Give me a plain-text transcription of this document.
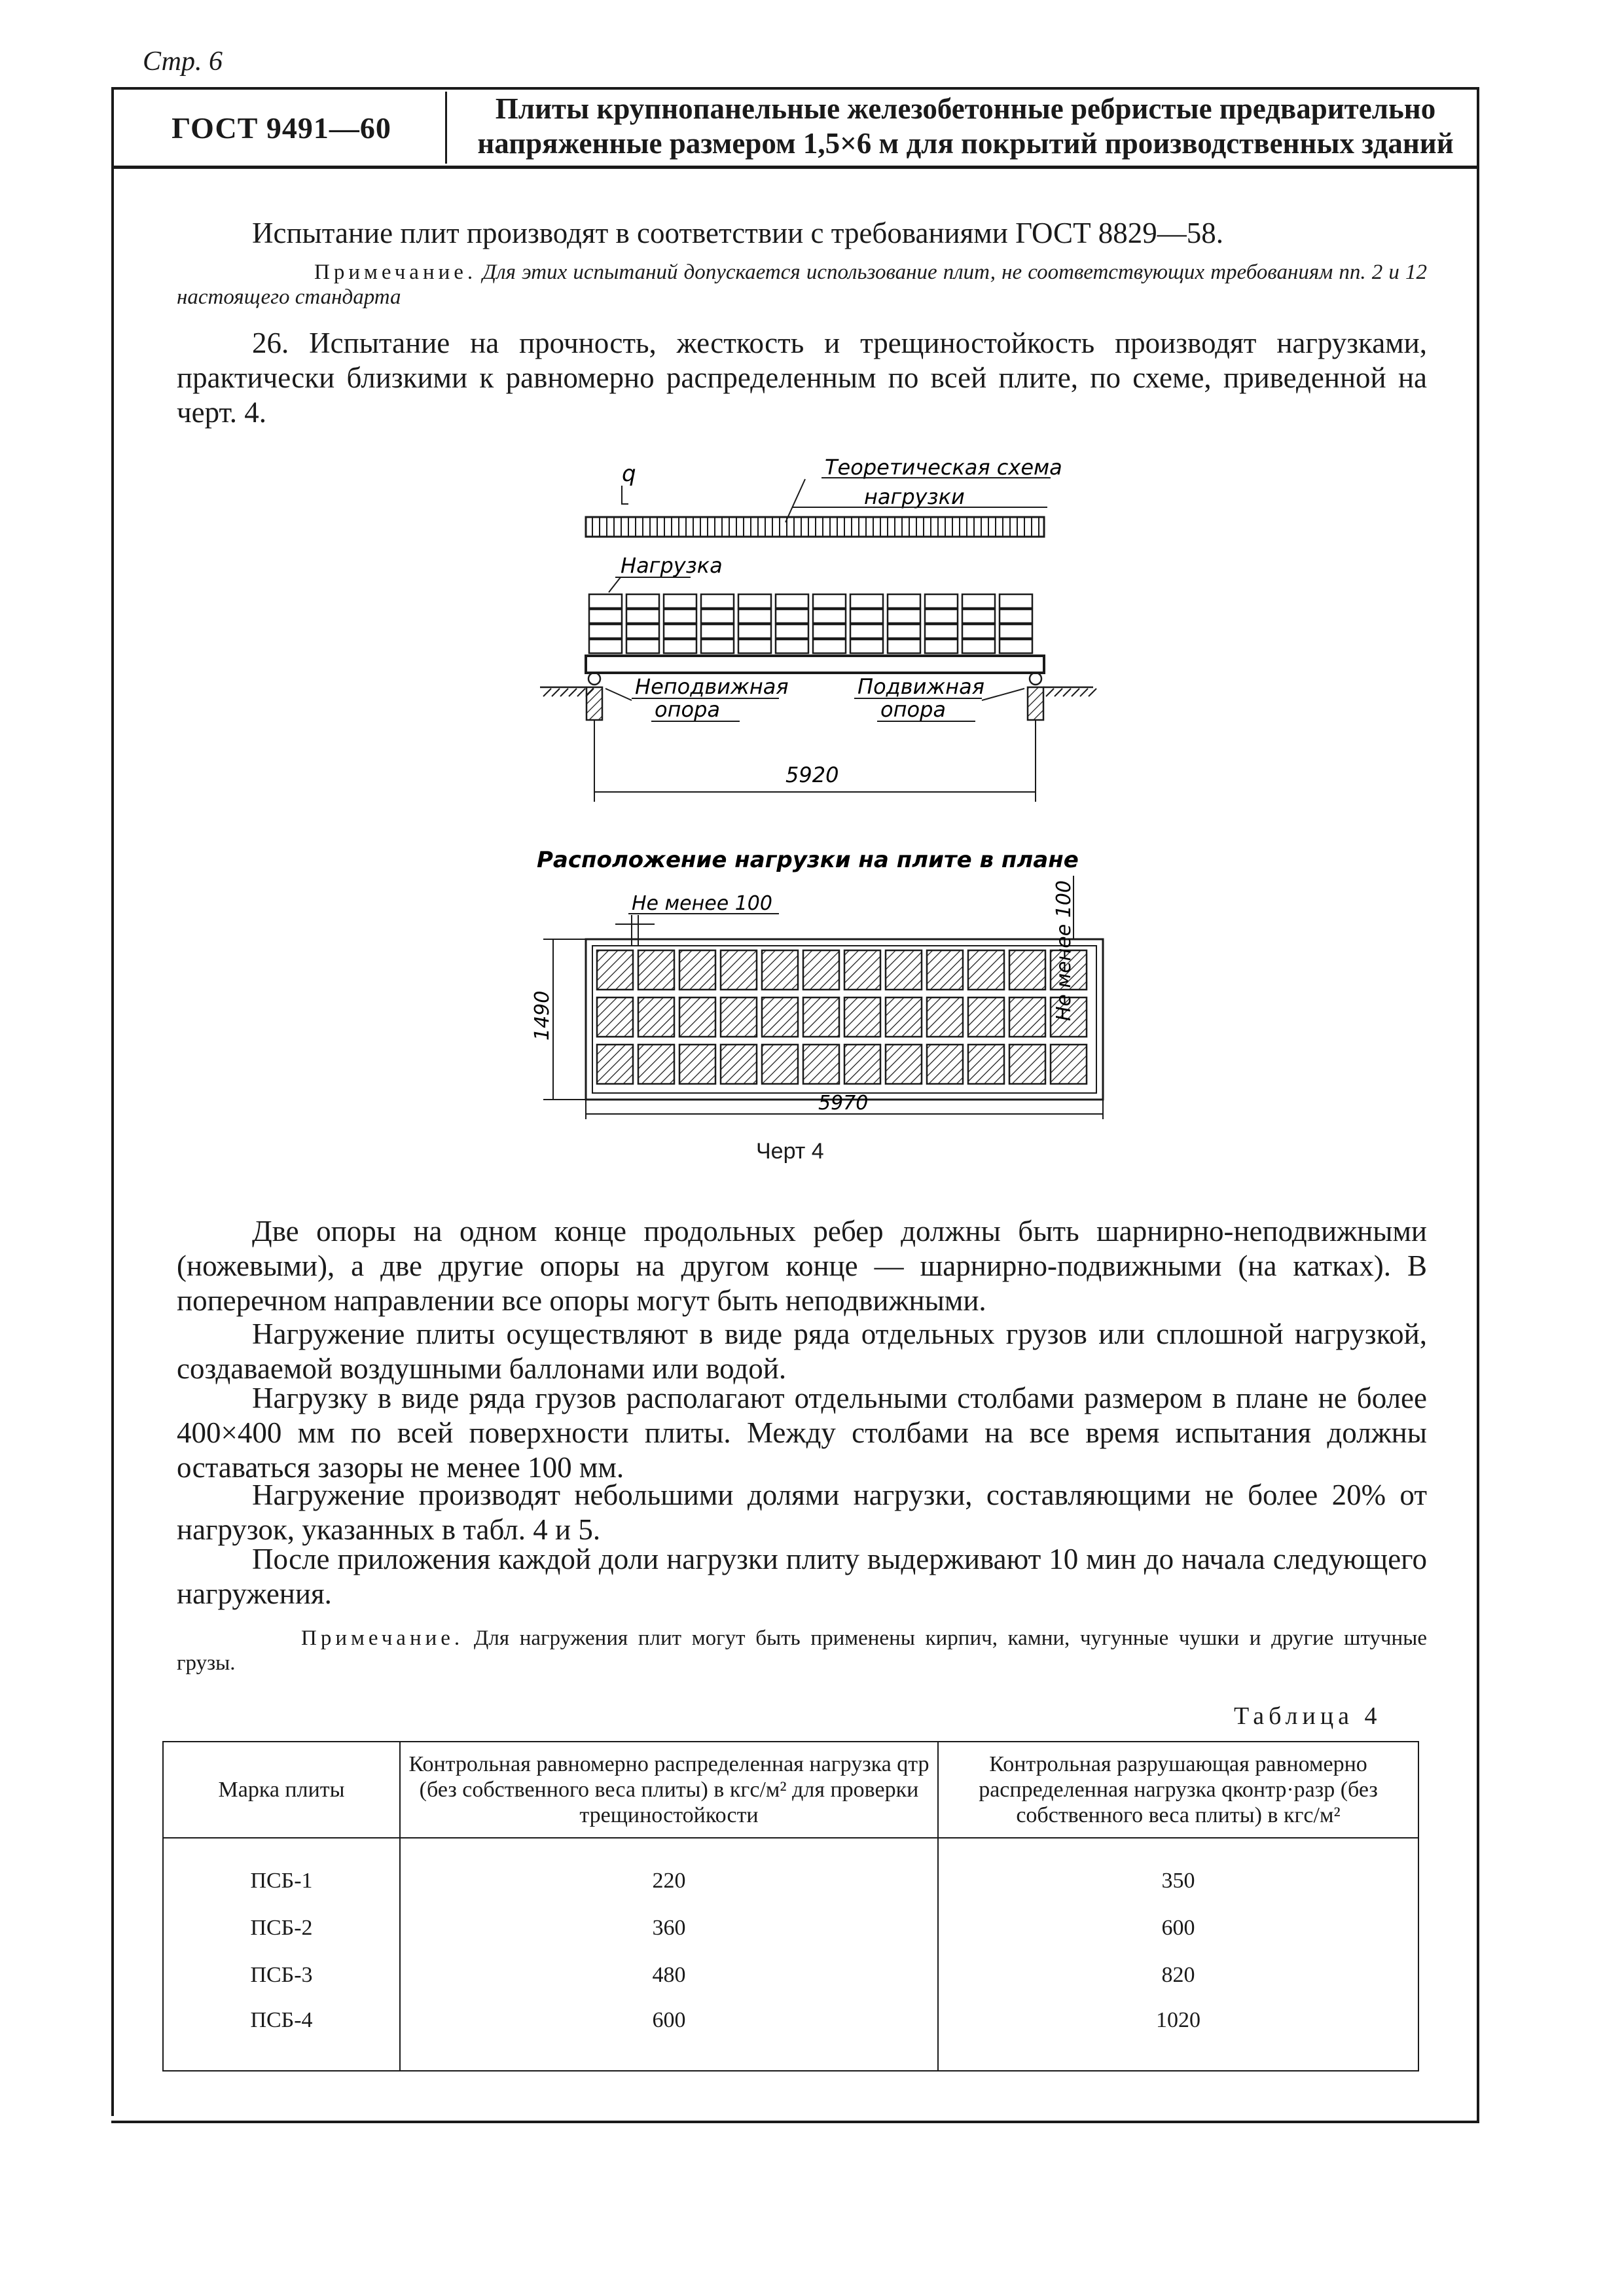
Стр. 6
ГОСТ 9491—60
Плиты крупнопанельные железобетонные ребристые предварительно
напряженные размером 1,5×6 м для покрытий производственных зданий
Испытание плит производят в соответствии с требованиями ГОСТ 8829—58.
Примечание. Для этих испытаний допускается использование плит, не соответствующих требованиям пп. 2 и 12 настоящего стандарта
26. Испытание на прочность, жесткость и трещиностойкость производят нагрузками, практически близкими к равномерно распределенным по всей плите, по схеме, приведенной на черт. 4.
q	Теоретическая схема
нагрузки
Нагрузка
Неподвижная
опора
Подвижная
опора
5920
Расположение нагрузки на плите в плане
Не менее 100
1490	Не менее 100
5970
Черт 4
Две опоры на одном конце продольных ребер должны быть шарнирно-неподвижными (ножевыми), а две другие опоры на другом конце — шарнирно-подвижными (на катках). В поперечном направлении все опоры могут быть неподвижными.
Нагружение плиты осуществляют в виде ряда отдельных грузов или сплошной нагрузкой, создаваемой воздушными баллонами или водой.
Нагрузку в виде ряда грузов располагают отдельными столбами размером в плане не более 400×400 мм по всей поверхности плиты. Между столбами на все время испытания должны оставаться зазоры не менее 100 мм.
Нагружение производят небольшими долями нагрузки, составляющими не более 20% от нагрузок, указанных в табл. 4 и 5.
После приложения каждой доли нагрузки плиту выдерживают 10 мин до начала следующего нагружения.
Примечание. Для нагружения плит могут быть применены кирпич, камни, чугунные чушки и другие штучные грузы.
Таблица 4
Марка плиты	Контрольная равномерно распределенная нагрузка qтр (без собственного веса плиты) в кгс/м² для проверки трещиностойкости	Контрольная разрушающая равномерно распределенная нагрузка qконтр·разр (без собственного веса плиты) в кгс/м²
ПСБ-1	220	350
ПСБ-2	360	600
ПСБ-3	480	820
ПСБ-4	600	1020
